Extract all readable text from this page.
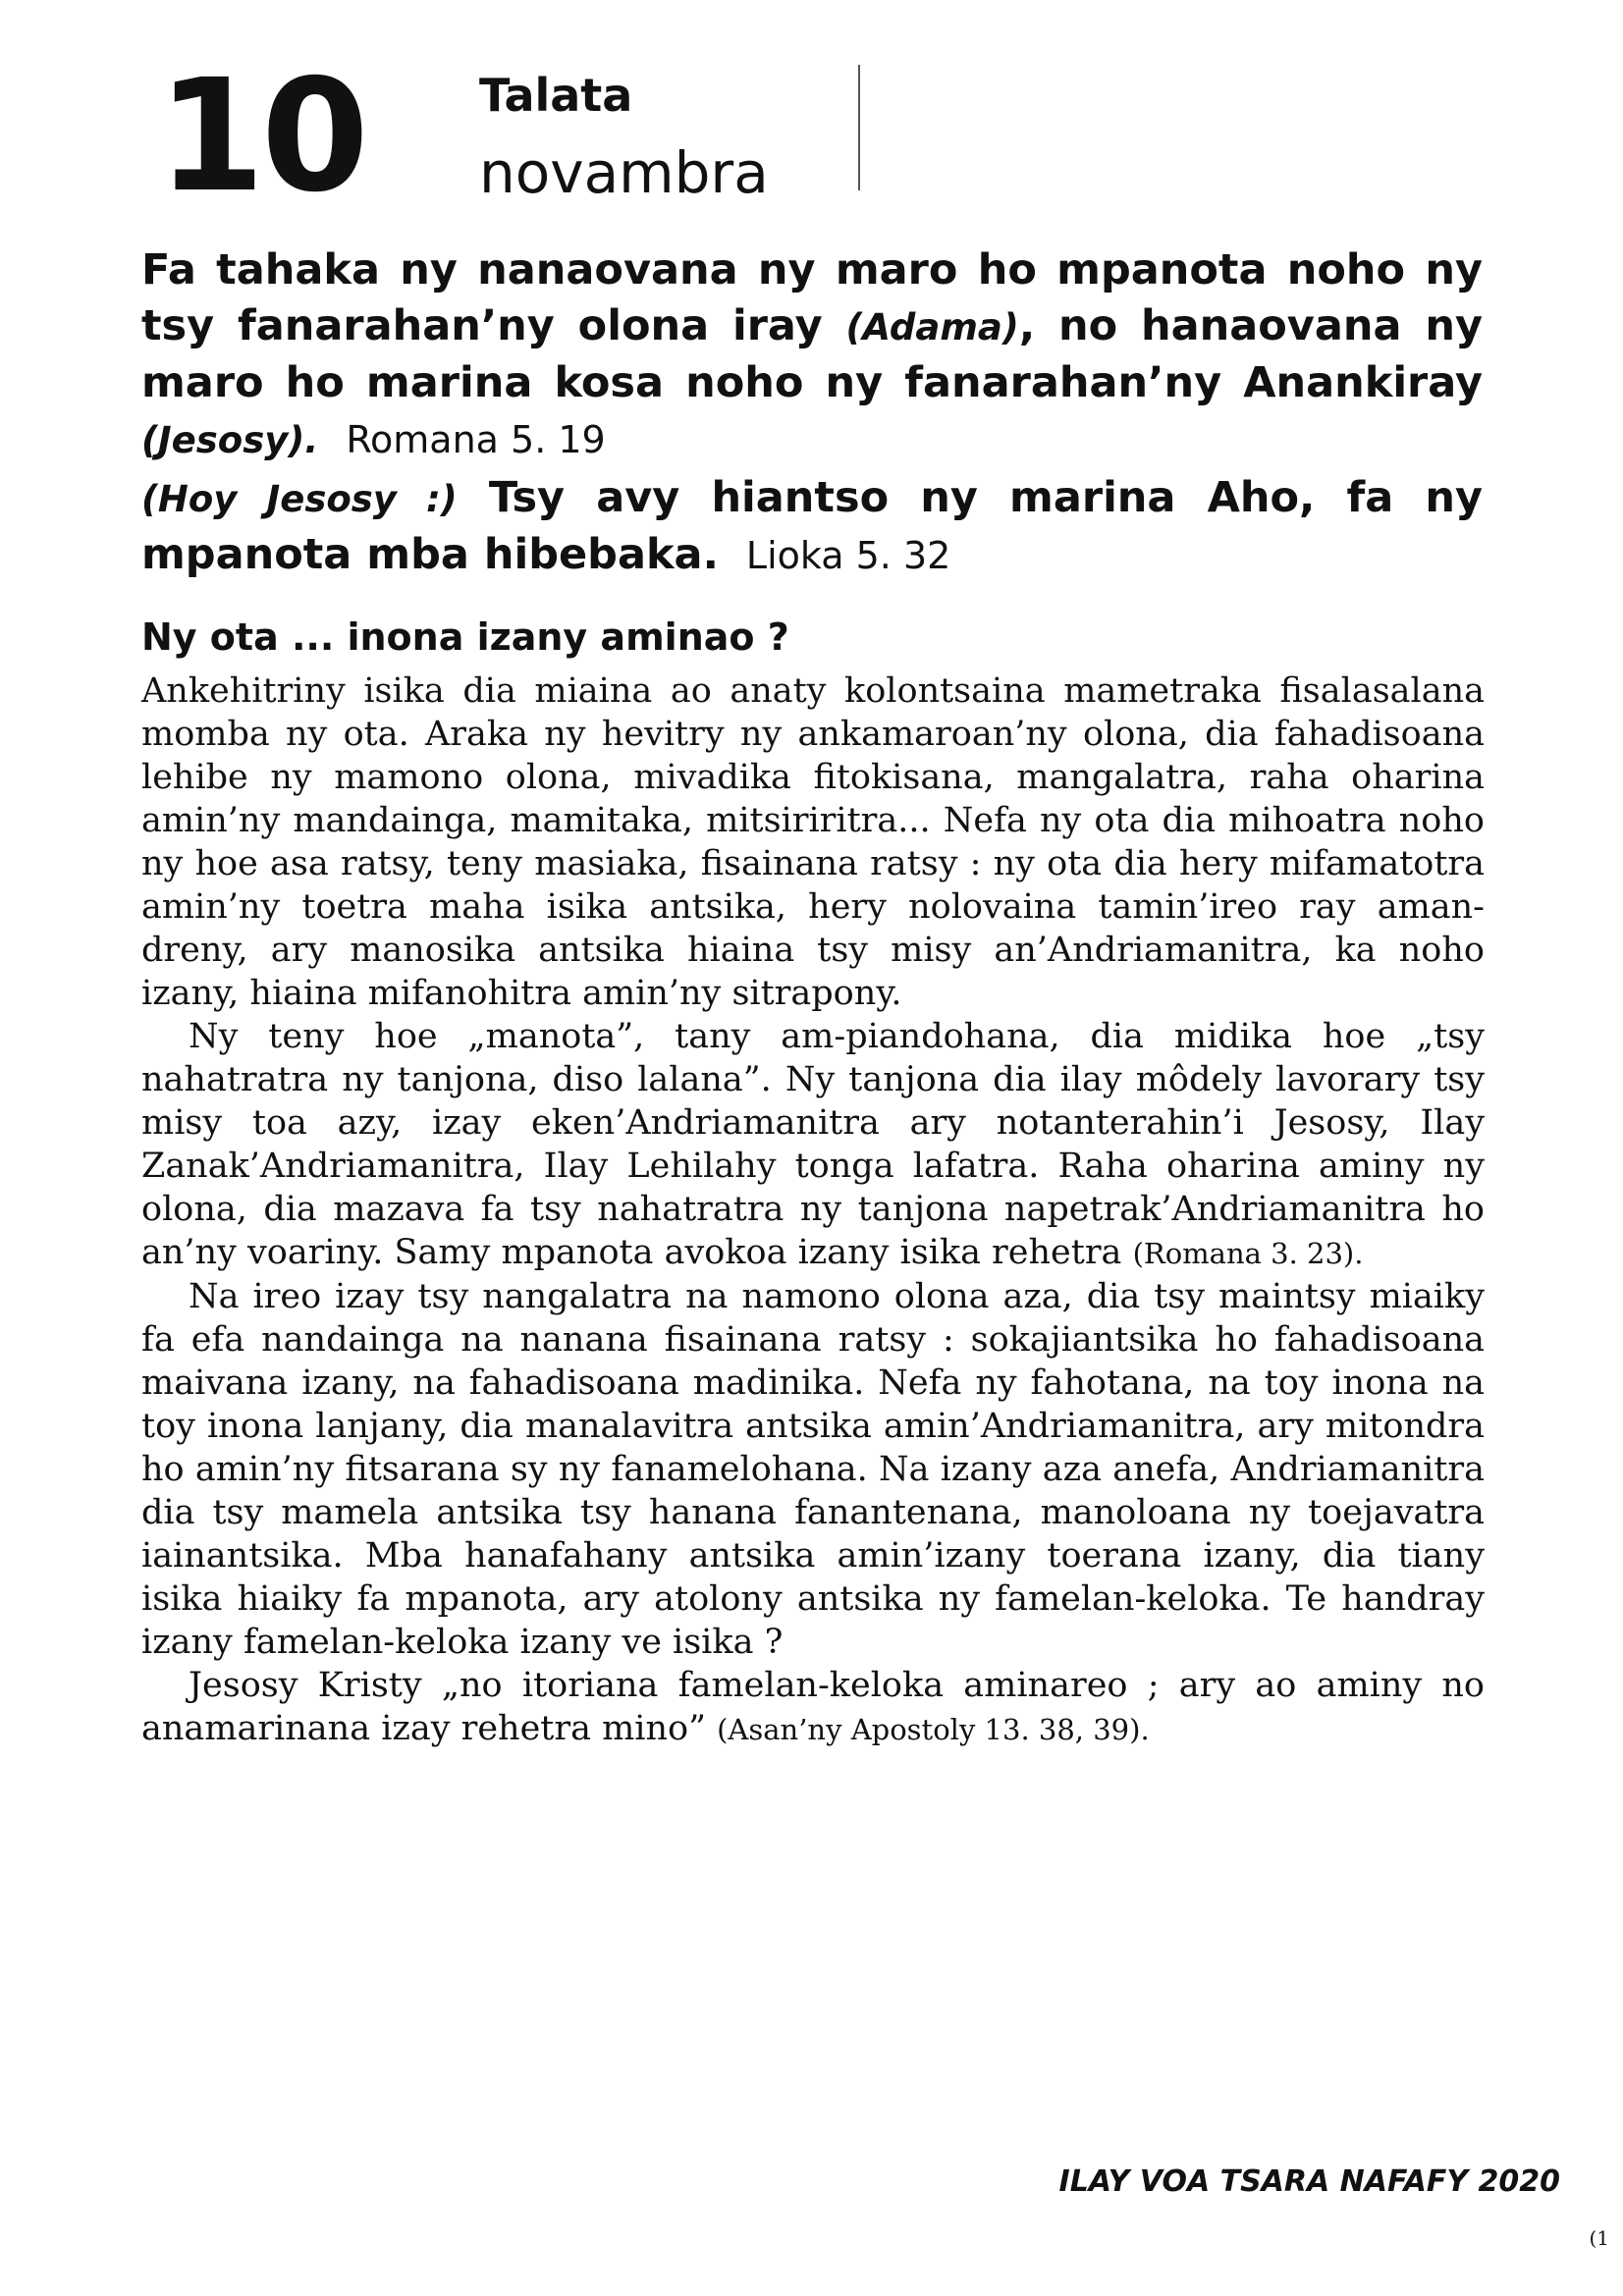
10	Talata
novambra
Fa tahaka ny nanaovana ny maro ho mpanota noho ny tsy fanarahan’ny olona iray (Adama), no hanaovana ny maro ho marina kosa noho ny fanarahan’ny Anankiray (Jesosy). Romana 5. 19
(Hoy Jesosy :) Tsy avy hiantso ny marina Aho, fa ny mpanota mba hibebaka. Lioka 5. 32
Ny ota ... inona izany aminao ?

Ankehitriny isika dia miaina ao anaty kolontsaina mametraka fisalasalana momba ny ota. Araka ny hevitry ny ankamaroan’ny olona, dia fahadisoana lehibe ny mamono olona, mivadika fitokisana, mangalatra, raha oharina amin’ny mandainga, mamitaka, mitsiriritra... Nefa ny ota dia mihoatra noho ny hoe asa ratsy, teny masiaka, fisainana ratsy : ny ota dia hery mifamatotra amin’ny toetra maha isika antsika, hery nolovaina tamin’ireo ray aman-dreny, ary manosika antsika hiaina tsy misy an’Andriamanitra, ka noho izany, hiaina mifanohitra amin’ny sitrapony.

Ny teny hoe „manota”, tany am-piandohana, dia midika hoe „tsy nahatratra ny tanjona, diso lalana”. Ny tanjona dia ilay môdely lavorary tsy misy toa azy, izay eken’Andriamanitra ary notanterahin’i Jesosy, Ilay Zanak’Andriamanitra, Ilay Lehilahy tonga lafatra. Raha oharina aminy ny olona, dia mazava fa tsy nahatratra ny tanjona napetrak’Andriamanitra ho an’ny voariny. Samy mpanota avokoa izany isika rehetra (Romana 3. 23).

Na ireo izay tsy nangalatra na namono olona aza, dia tsy maintsy miaiky fa efa nandainga na nanana fisainana ratsy : sokajiantsika ho fahadisoana maivana izany, na fahadisoana madinika. Nefa ny fahotana, na toy inona na toy inona lanjany, dia manalavitra antsika amin’Andriamanitra, ary mitondra ho amin’ny fitsarana sy ny fanamelohana. Na izany aza anefa, Andriamanitra dia tsy mamela antsika tsy hanana fanantenana, manoloana ny toejavatra iainantsika. Mba hanafahany antsika amin’izany toerana izany, dia tiany isika hiaiky fa mpanota, ary atolony antsika ny famelan-keloka. Te handray izany famelan-keloka izany ve isika ?

Jesosy Kristy „no itoriana famelan-keloka aminareo ; ary ao aminy no anamarinana izay rehetra mino” (Asan’ny Apostoly 13. 38, 39).

ILAY VOA TSARA NAFAFY 2020
(1
